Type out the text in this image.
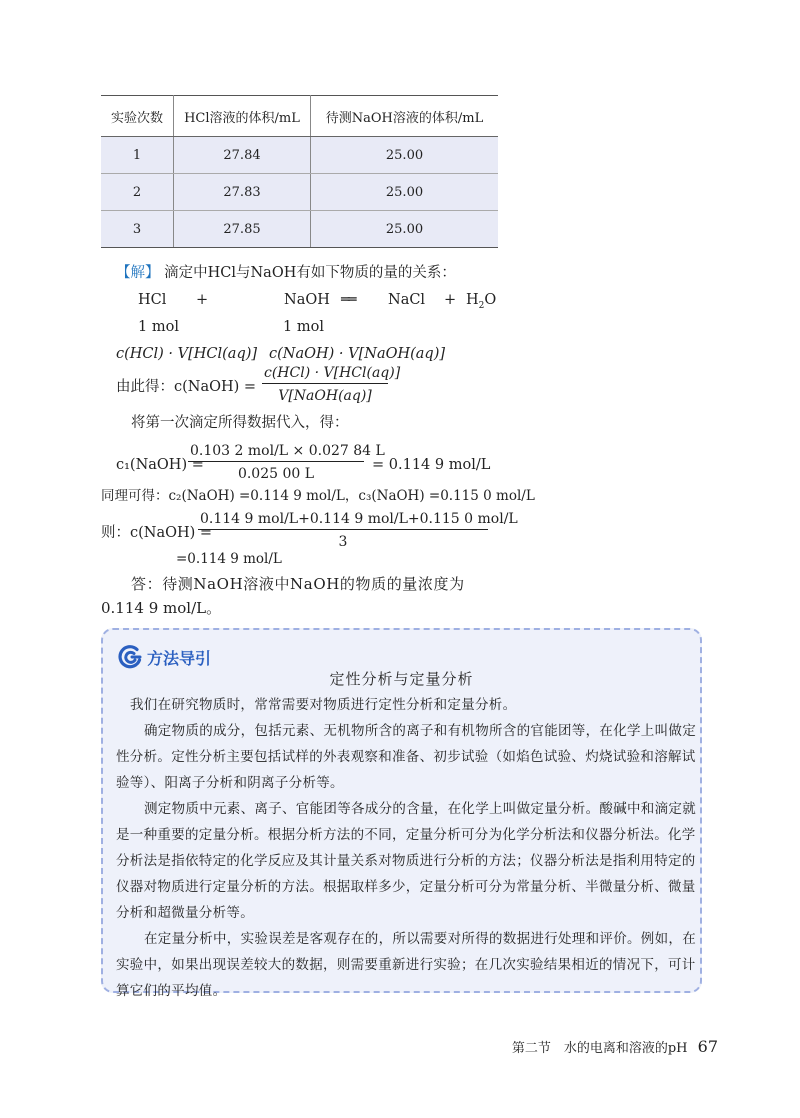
实验次数	HCl溶液的体积/mL	待测NaOH溶液的体积/mL
1	27.84	25.00
2	27.83	25.00
3	27.85	25.00
【解】 滴定中HCl与NaOH有如下物质的量的关系：
HCl +	NaOH ══ NaCl + $H_2O$
1 mol	1 mol
c(HCl) · V[HCl(aq)] c(NaOH) · V[NaOH(aq)]
由此得：c(NaOH) =
c(HCl) · V[HCl(aq)]
V[NaOH(aq)]
将第一次滴定所得数据代入，得：
c₁(NaOH) =
0.103 2 mol/L × 0.027 84 L
0.025 00 L
= 0.114 9 mol/L
同理可得：c₂(NaOH) =0.114 9 mol/L，c₃(NaOH) =0.115 0 mol/L
则：c(NaOH) =
0.114 9 mol/L+0.114 9 mol/L+0.115 0 mol/L
3
=0.114 9 mol/L
答：待测NaOH溶液中NaOH的物质的量浓度为
0.114 9 mol/L。
方法导引
定性分析与定量分析

我们在研究物质时，常常需要对物质进行定性分析和定量分析。

确定物质的成分，包括元素、无机物所含的离子和有机物所含的官能团等，在化学上叫做定性分析。定性分析主要包括试样的外表观察和准备、初步试验（如焰色试验、灼烧试验和溶解试验等）、阳离子分析和阴离子分析等。

测定物质中元素、离子、官能团等各成分的含量，在化学上叫做定量分析。酸碱中和滴定就是一种重要的定量分析。根据分析方法的不同，定量分析可分为化学分析法和仪器分析法。化学分析法是指依特定的化学反应及其计量关系对物质进行分析的方法；仪器分析法是指利用特定的仪器对物质进行定量分析的方法。根据取样多少，定量分析可分为常量分析、半微量分析、微量分析和超微量分析等。

在定量分析中，实验误差是客观存在的，所以需要对所得的数据进行处理和评价。例如，在实验中，如果出现误差较大的数据，则需要重新进行实验；在几次实验结果相近的情况下，可计算它们的平均值。

第二节　水的电离和溶液的pH 67
